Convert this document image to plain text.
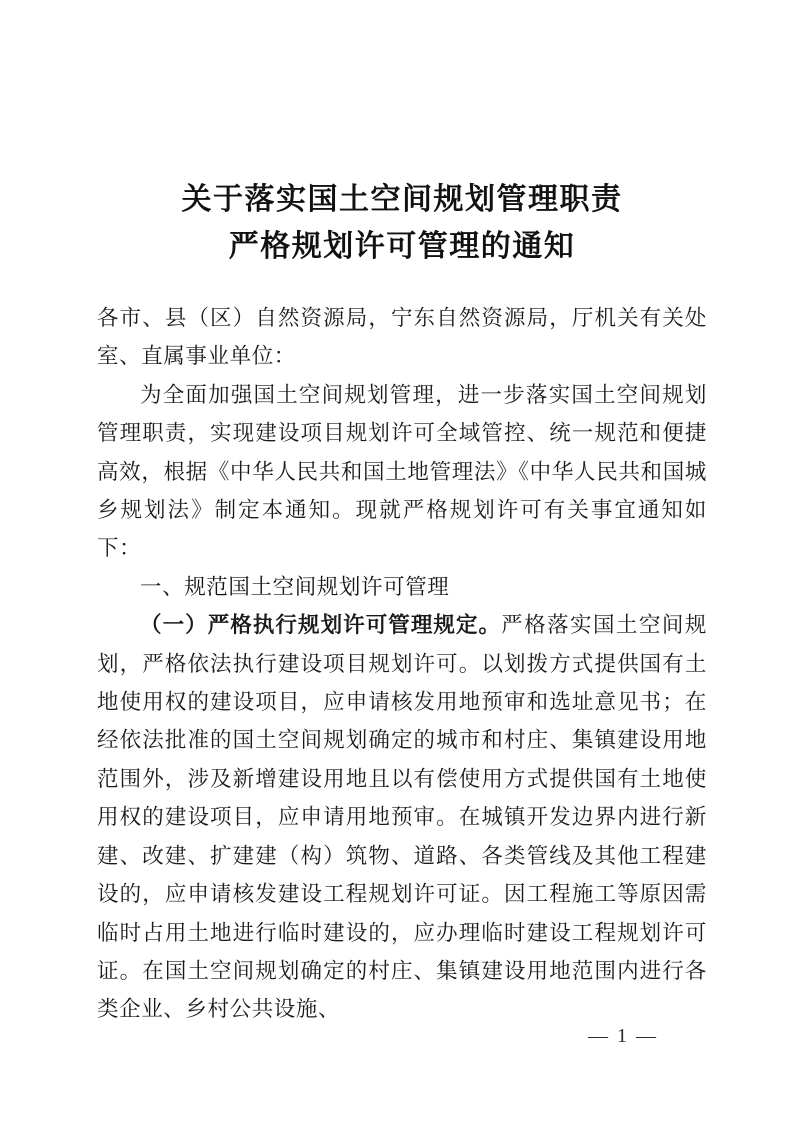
关于落实国土空间规划管理职责
严格规划许可管理的通知

各市、县（区）自然资源局，宁东自然资源局，厅机关有关处室、直属事业单位：

为全面加强国土空间规划管理，进一步落实国土空间规划管理职责，实现建设项目规划许可全域管控、统一规范和便捷高效，根据《中华人民共和国土地管理法》《中华人民共和国城乡规划法》制定本通知。现就严格规划许可有关事宜通知如下：

一、规范国土空间规划许可管理

（一）严格执行规划许可管理规定。严格落实国土空间规划，严格依法执行建设项目规划许可。以划拨方式提供国有土地使用权的建设项目，应申请核发用地预审和选址意见书；在经依法批准的国土空间规划确定的城市和村庄、集镇建设用地范围外，涉及新增建设用地且以有偿使用方式提供国有土地使用权的建设项目，应申请用地预审。在城镇开发边界内进行新建、改建、扩建建（构）筑物、道路、各类管线及其他工程建设的，应申请核发建设工程规划许可证。因工程施工等原因需临时占用土地进行临时建设的，应办理临时建设工程规划许可证。在国土空间规划确定的村庄、集镇建设用地范围内进行各类企业、乡村公共设施、

— 1 —
